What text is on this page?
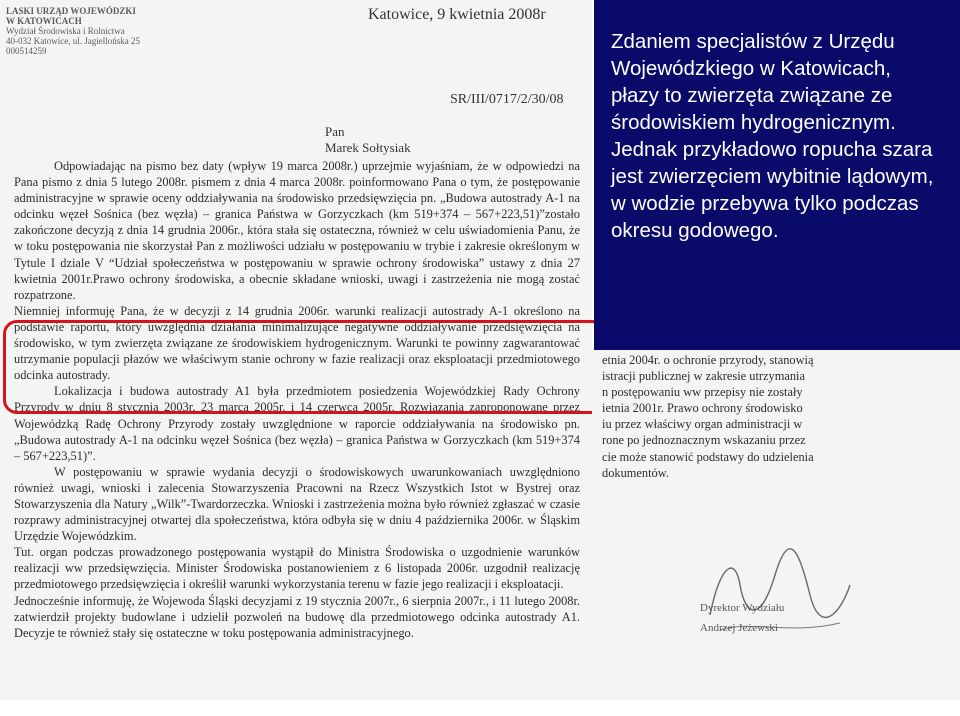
LASKI URZĄD WOJEWÓDZKI
W KATOWICACH
Wydział Środowiska i Rolnictwa
40-032 Katowice, ul. Jagiellońska 25
000514259
Katowice, 9 kwietnia 2008r
SR/III/0717/2/30/08
Pan
Marek Sołtysiak

Odpowiadając na pismo bez daty (wpływ 19 marca 2008r.) uprzejmie wyjaśniam, że w odpowiedzi na Pana pismo z dnia 5 lutego 2008r. pismem z dnia 4 marca 2008r. poinformowano Pana o tym, że postępowanie administracyjne w sprawie oceny oddziaływania na środowisko przedsięwzięcia pn. „Budowa autostrady A-1 na odcinku węzeł Sośnica (bez węzła) – granica Państwa w Gorzyczkach (km 519+374 – 567+223,51)”zostało zakończone decyzją z dnia 14 grudnia 2006r., która stała się ostateczna, również w celu uświadomienia Panu, że w toku postępowania nie skorzystał Pan z możliwości udziału w postępowaniu w trybie i zakresie określonym w Tytule I dziale V “Udział społeczeństwa w postępowaniu w sprawie ochrony środowiska” ustawy z dnia 27 kwietnia 2001r.Prawo ochrony środowiska, a obecnie składane wnioski, uwagi i zastrzeżenia nie mogą zostać rozpatrzone.

Niemniej informuję Pana, że w decyzji z 14 grudnia 2006r. warunki realizacji autostrady A-1 określono na podstawie raportu, który uwzględnia działania minimalizujące negatywne oddziaływanie przedsięwzięcia na środowisko, w tym zwierzęta związane ze środowiskiem hydrogenicznym. Warunki te powinny zagwarantować utrzymanie populacji płazów we właściwym stanie ochrony w fazie realizacji oraz eksploatacji przedmiotowego odcinka autostrady.

Lokalizacja i budowa autostrady A1 była przedmiotem posiedzenia Wojewódzkiej Rady Ochrony Przyrody w dniu 8 stycznia 2003r, 23 marca 2005r. i 14 czerwca 2005r. Rozwiązania zaproponowane przez Wojewódzką Radę Ochrony Przyrody zostały uwzględnione w raporcie oddziaływania na środowisko pn. „Budowa autostrady A-1 na odcinku węzeł Sośnica (bez węzła) – granica Państwa w Gorzyczkach (km 519+374 – 567+223,51)”.

W postępowaniu w sprawie wydania decyzji o środowiskowych uwarunkowaniach uwzględniono również uwagi, wnioski i zalecenia Stowarzyszenia Pracowni na Rzecz Wszystkich Istot w Bystrej oraz Stowarzyszenia dla Natury „Wilk”-Twardorzeczka. Wnioski i zastrzeżenia można było również zgłaszać w czasie rozprawy administracyjnej otwartej dla społeczeństwa, która odbyła się w dniu 4 października 2006r. w Śląskim Urzędzie Wojewódzkim.

Tut. organ podczas prowadzonego postępowania wystąpił do Ministra Środowiska o uzgodnienie warunków realizacji ww przedsięwzięcia. Minister Środowiska postanowieniem z 6 listopada 2006r. uzgodnił realizację przedmiotowego przedsięwzięcia i określił warunki wykorzystania terenu w fazie jego realizacji i eksploatacji.

Jednocześnie informuję, że Wojewoda Śląski decyzjami z 19 stycznia 2007r., 6 sierpnia 2007r., i 11 lutego 2008r. zatwierdził projekty budowlane i udzielił pozwoleń na budowę dla przedmiotowego odcinka autostrady A1. Decyzje te również stały się ostateczne w toku postępowania administracyjnego.

etnia 2004r. o ochronie przyrody, stanowią
istracji publicznej w zakresie utrzymania
n postępowaniu ww przepisy nie zostały
ietnia 2001r. Prawo ochrony środowisko
iu przez właściwy organ administracji w
rone po jednoznacznym wskazaniu przez
cie może stanowić podstawy do udzielenia
dokumentów.
Dyrektor Wydziału
Andrzej Jeżewski
Zdaniem specjalistów z Urzędu Wojewódzkiego w Katowicach, płazy to zwierzęta związane ze środowiskiem hydrogenicznym. Jednak przykładowo ropucha szara jest zwierzęciem wybitnie lądowym, w wodzie przebywa tylko podczas okresu godowego.
